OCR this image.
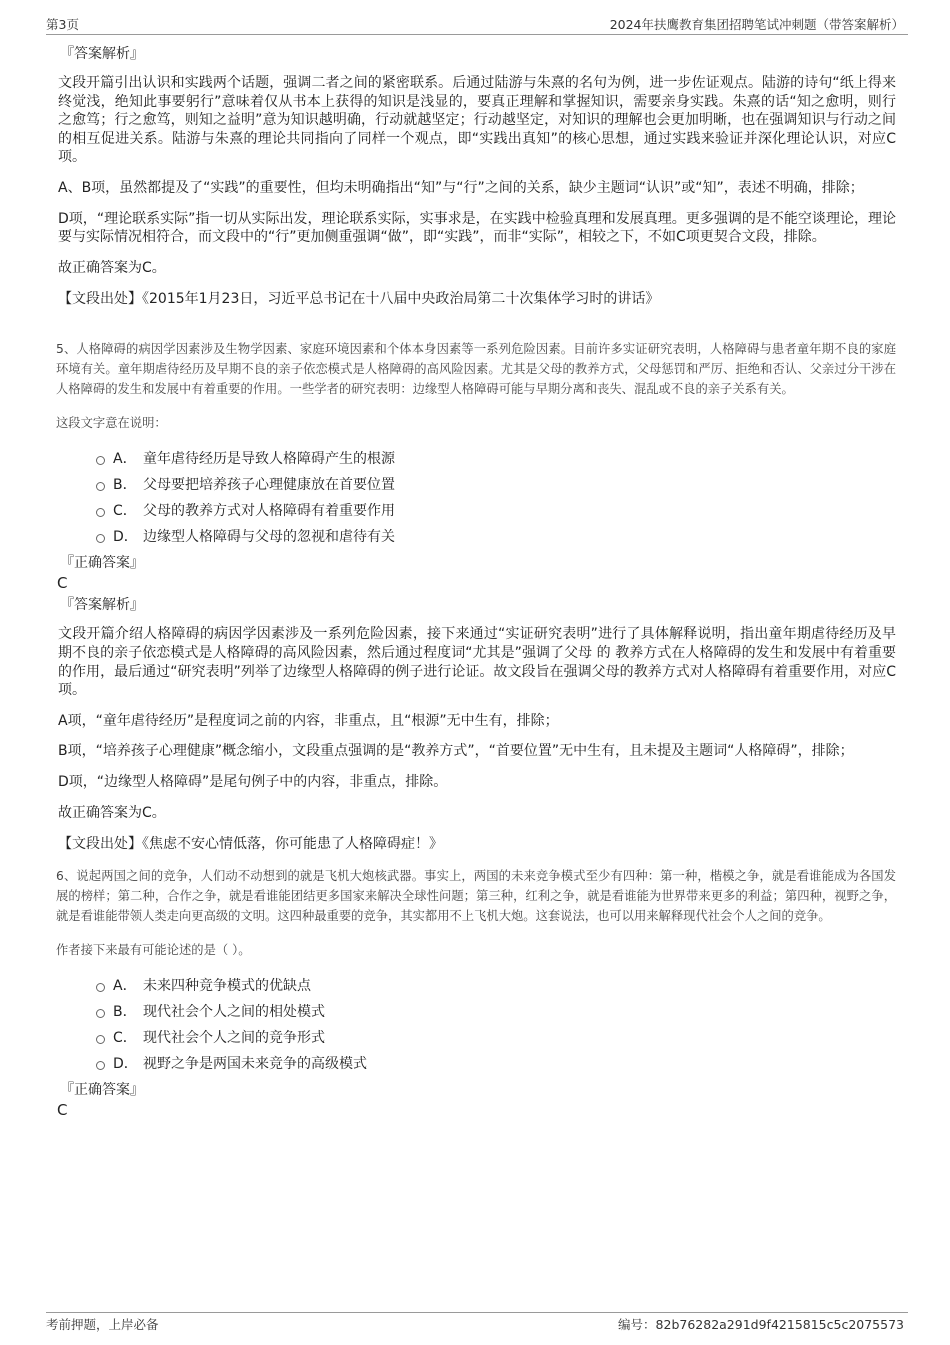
第3页	2024年扶鹰教育集团招聘笔试冲刺题（带答案解析）
『答案解析』

文段开篇引出认识和实践两个话题，强调二者之间的紧密联系。后通过陆游与朱熹的名句为例，进一步佐证观点。陆游的诗句“纸上得来终觉浅，绝知此事要躬行”意味着仅从书本上获得的知识是浅显的，要真正理解和掌握知识，需要亲身实践。朱熹的话“知之愈明，则行之愈笃；行之愈笃，则知之益明”意为知识越明确，行动就越坚定；行动越坚定，对知识的理解也会更加明晰，也在强调知识与行动之间的相互促进关系。陆游与朱熹的理论共同指向了同样一个观点，即“实践出真知”的核心思想，通过实践来验证并深化理论认识，对应C项。

A、B项，虽然都提及了“实践”的重要性，但均未明确指出“知”与“行”之间的关系，缺少主题词“认识”或“知”，表述不明确，排除；

D项，“理论联系实际”指一切从实际出发，理论联系实际，实事求是，在实践中检验真理和发展真理。更多强调的是不能空谈理论，理论要与实际情况相符合，而文段中的“行”更加侧重强调“做”，即“实践”，而非“实际”，相较之下，不如C项更契合文段，排除。

故正确答案为C。

【文段出处】《2015年1月23日，习近平总书记在十八届中央政治局第二十次集体学习时的讲话》

5、人格障碍的病因学因素涉及生物学因素、家庭环境因素和个体本身因素等一系列危险因素。目前许多实证研究表明，人格障碍与患者童年期不良的家庭环境有关。童年期虐待经历及早期不良的亲子依恋模式是人格障碍的高风险因素。尤其是父母的教养方式，父母惩罚和严厉、拒绝和否认、父亲过分干涉在人格障碍的发生和发展中有着重要的作用。一些学者的研究表明：边缘型人格障碍可能与早期分离和丧失、混乱或不良的亲子关系有关。

这段文字意在说明：

A． 童年虐待经历是导致人格障碍产生的根源
B． 父母要把培养孩子心理健康放在首要位置
C． 父母的教养方式对人格障碍有着重要作用
D． 边缘型人格障碍与父母的忽视和虐待有关
『正确答案』
C
『答案解析』

文段开篇介绍人格障碍的病因学因素涉及一系列危险因素，接下来通过“实证研究表明”进行了具体解释说明，指出童年期虐待经历及早期不良的亲子依恋模式是人格障碍的高风险因素，然后通过程度词“尤其是”强调了父母 的 教养方式在人格障碍的发生和发展中有着重要的作用，最后通过“研究表明”列举了边缘型人格障碍的例子进行论证。故文段旨在强调父母的教养方式对人格障碍有着重要作用，对应C项。

A项，“童年虐待经历”是程度词之前的内容，非重点，且“根源”无中生有，排除；

B项，“培养孩子心理健康”概念缩小，文段重点强调的是“教养方式”，“首要位置”无中生有，且未提及主题词“人格障碍”，排除；

D项，“边缘型人格障碍”是尾句例子中的内容，非重点，排除。

故正确答案为C。

【文段出处】《焦虑不安心情低落，你可能患了人格障碍症！》

6、说起两国之间的竞争，人们动不动想到的就是飞机大炮核武器。事实上，两国的未来竞争模式至少有四种：第一种，楷模之争，就是看谁能成为各国发展的榜样；第二种，合作之争，就是看谁能团结更多国家来解决全球性问题；第三种，红利之争，就是看谁能为世界带来更多的利益；第四种，视野之争，就是看谁能带领人类走向更高级的文明。这四种最重要的竞争，其实都用不上飞机大炮。这套说法，也可以用来解释现代社会个人之间的竞争。

作者接下来最有可能论述的是（ ）。

A． 未来四种竞争模式的优缺点
B． 现代社会个人之间的相处模式
C． 现代社会个人之间的竞争形式
D． 视野之争是两国未来竞争的高级模式
『正确答案』
C
考前押题，上岸必备	编号：82b76282a291d9f4215815c5c2075573
